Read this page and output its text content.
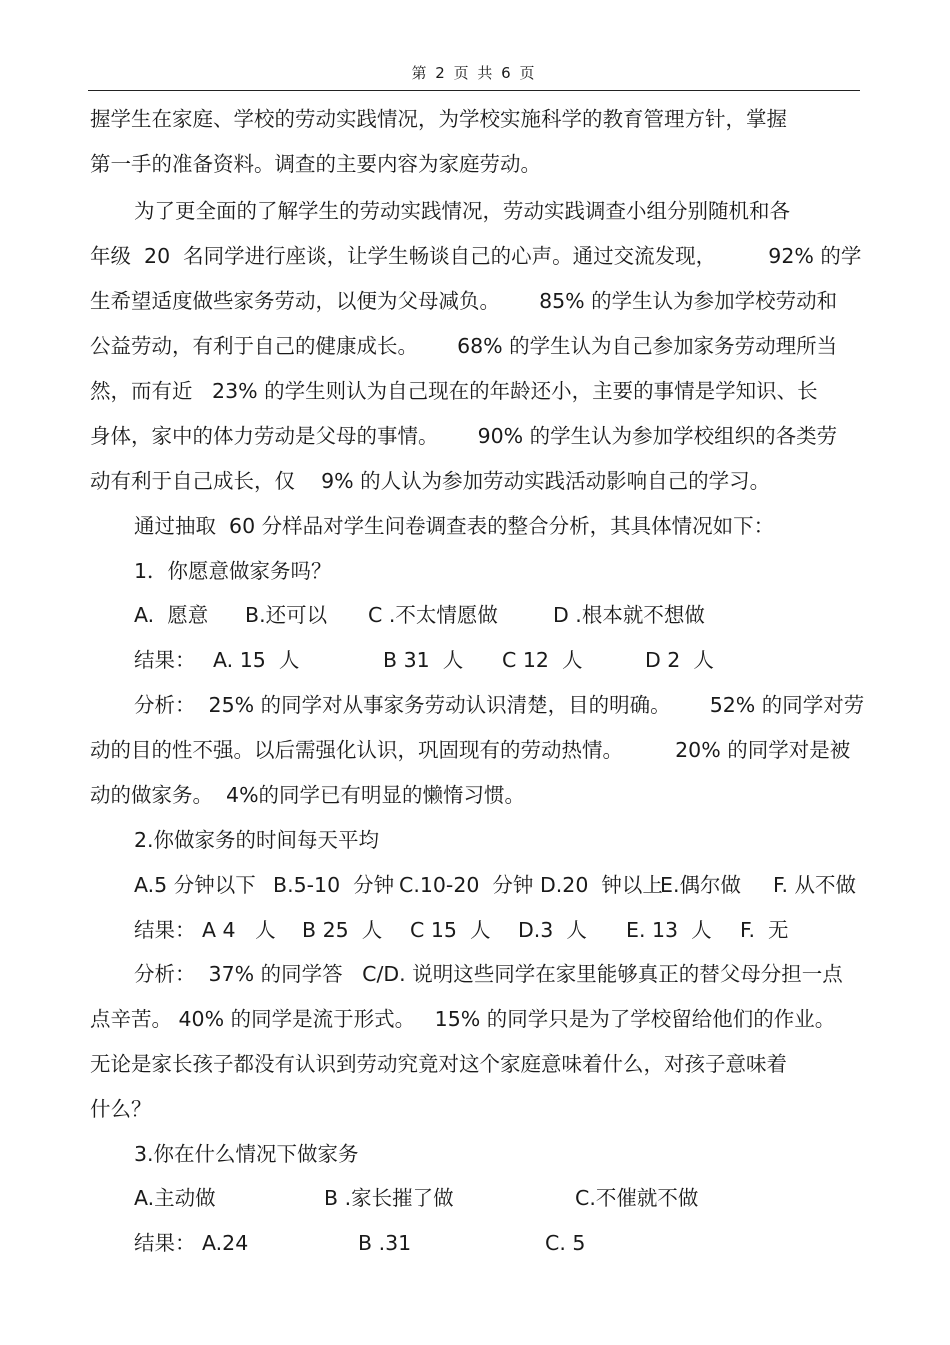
第 2 页 共 6 页
握学生在家庭、学校的劳动实践情况，为学校实施科学的教育管理方针，掌握
第一手的准备资料。调查的主要内容为家庭劳动。
为了更全面的了解学生的劳动实践情况，劳动实践调查小组分别随机和各
年级  20  名同学进行座谈，让学生畅谈自己的心声。通过交流发现，        92% 的学
生希望适度做些家务劳动，以便为父母减负。      85% 的学生认为参加学校劳动和
公益劳动，有利于自己的健康成长。      68% 的学生认为自己参加家务劳动理所当
然，而有近   23% 的学生则认为自己现在的年龄还小，主要的事情是学知识、长
身体，家中的体力劳动是父母的事情。      90% 的学生认为参加学校组织的各类劳
动有利于自己成长，仅    9% 的人认为参加劳动实践活动影响自己的学习。
通过抽取  60 分样品对学生问卷调查表的整合分析，其具体情况如下：
1．你愿意做家务吗？
A.  愿意 B.还可以 C .不太情愿做	D .根本就不想做
结果： A. 15  人	B 31  人 C 12  人	D 2  人
分析：  25% 的同学对从事家务劳动认识清楚，目的明确。      52% 的同学对劳
动的目的性不强。以后需强化认识，巩固现有的劳动热情。        20% 的同学对是被
动的做家务。  4%的同学已有明显的懒惰习惯。
2.你做家务的时间每天平均
A.5 分钟以下 B.5-10  分钟 C.10-20  分钟 D.20  钟以上
E.偶尔做 F. 从不做
结果： A 4   人 B 25  人 C 15  人 D.3  人 E. 13  人 F.  无
分析：  37% 的同学答   C/D. 说明这些同学在家里能够真正的替父母分担一点
点辛苦。 40% 的同学是流于形式。   15% 的同学只是为了学校留给他们的作业。
无论是家长孩子都没有认识到劳动究竟对这个家庭意味着什么，对孩子意味着
什么？
3.你在什么情况下做家务
A.主动做	B .家长摧了做	C.不催就不做
结果： A.24	B .31	C. 5
